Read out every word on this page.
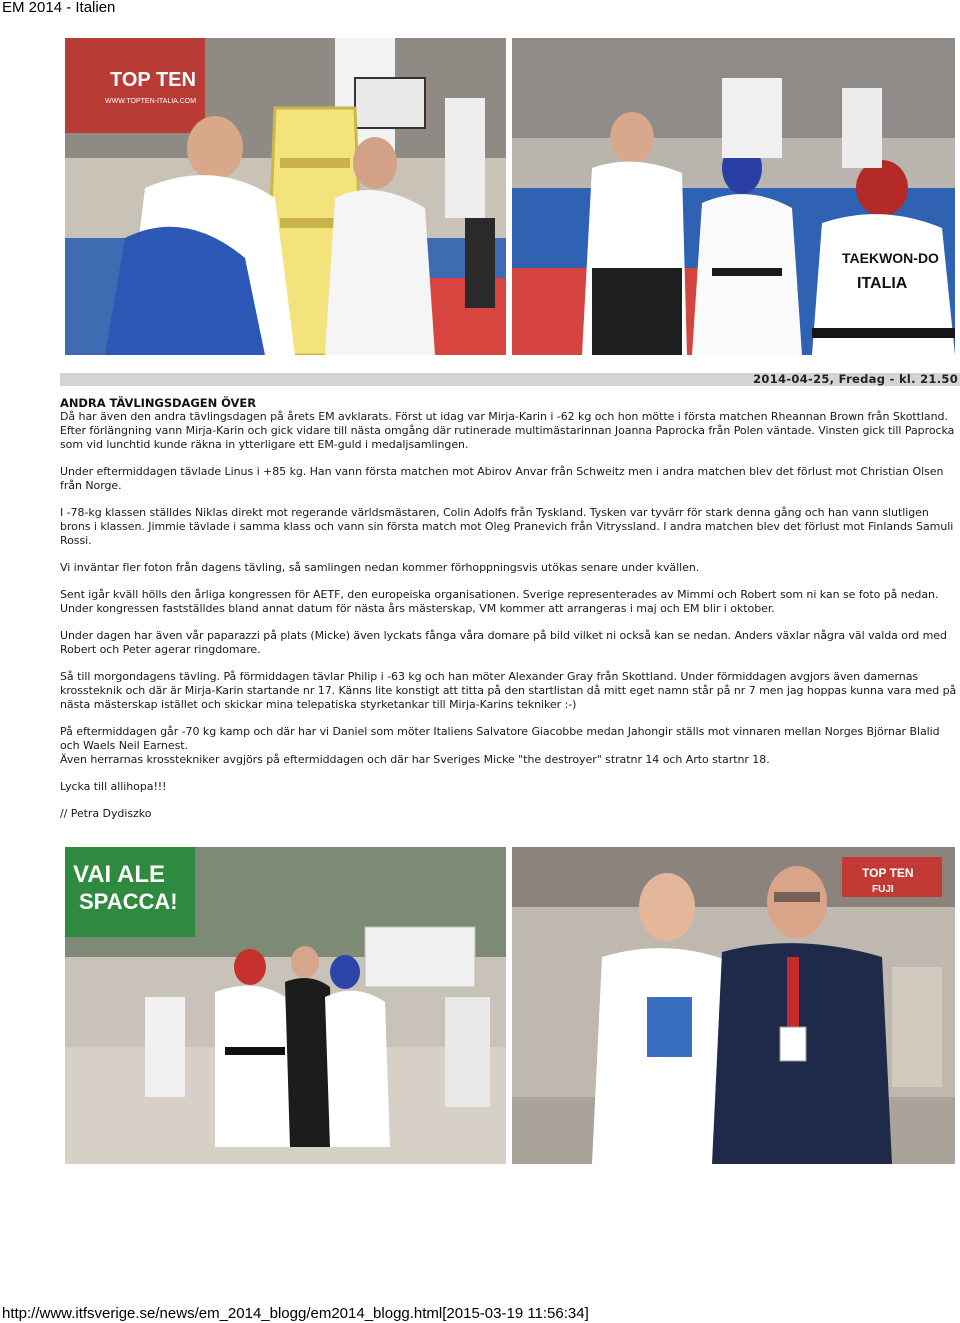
EM 2014 - Italien
TOP TEN
WWW.TOPTEN-ITALIA.COM
TAEKWON-DO
ITALIA
2014-04-25, Fredag - kl. 21.50
ANDRA TÄVLINGSDAGEN ÖVER

Då har även den andra tävlingsdagen på årets EM avklarats. Först ut idag var Mirja-Karin i -62 kg och hon mötte i första matchen Rheannan Brown från Skottland. Efter förlängning vann Mirja-Karin och gick vidare till nästa omgång där rutinerade multimästarinnan Joanna Paprocka från Polen väntade. Vinsten gick till Paprocka som vid lunchtid kunde räkna in ytterligare ett EM-guld i medaljsamlingen.

Under eftermiddagen tävlade Linus i +85 kg. Han vann första matchen mot Abirov Anvar från Schweitz men i andra matchen blev det förlust mot Christian Olsen från Norge.

I -78-kg klassen ställdes Niklas direkt mot regerande världsmästaren, Colin Adolfs från Tyskland. Tysken var tyvärr för stark denna gång och han vann slutligen brons i klassen. Jimmie tävlade i samma klass och vann sin första match mot Oleg Pranevich från Vitryssland. I andra matchen blev det förlust mot Finlands Samuli Rossi.

Vi inväntar fler foton från dagens tävling, så samlingen nedan kommer förhoppningsvis utökas senare under kvällen.

Sent igår kväll hölls den årliga kongressen för AETF, den europeiska organisationen. Sverige representerades av Mimmi och Robert som ni kan se foto på nedan. Under kongressen fastställdes bland annat datum för nästa års mästerskap, VM kommer att arrangeras i maj och EM blir i oktober.

Under dagen har även vår paparazzi på plats (Micke) även lyckats fånga våra domare på bild vilket ni också kan se nedan. Anders växlar några väl valda ord med Robert och Peter agerar ringdomare.

Så till morgondagens tävling. På förmiddagen tävlar Philip i -63 kg och han möter Alexander Gray från Skottland. Under förmiddagen avgjors även damernas krossteknik och där är Mirja-Karin startande nr 17. Känns lite konstigt att titta på den startlistan då mitt eget namn står på nr 7 men jag hoppas kunna vara med på nästa mästerskap istället och skickar mina telepatiska styrketankar till Mirja-Karins tekniker :-)

På eftermiddagen går -70 kg kamp och där har vi Daniel som möter Italiens Salvatore Giacobbe medan Jahongir ställs mot vinnaren mellan Norges Björnar Blalid och Waels Neil Earnest.

Även herrarnas krosstekniker avgjörs på eftermiddagen och där har Sveriges Micke "the destroyer" stratnr 14 och Arto startnr 18.

Lycka till allihopa!!!

// Petra Dydiszko

VAI ALE
SPACCA!
TOP TEN
FUJI
http://www.itfsverige.se/news/em_2014_blogg/em2014_blogg.html[2015-03-19 11:56:34]
